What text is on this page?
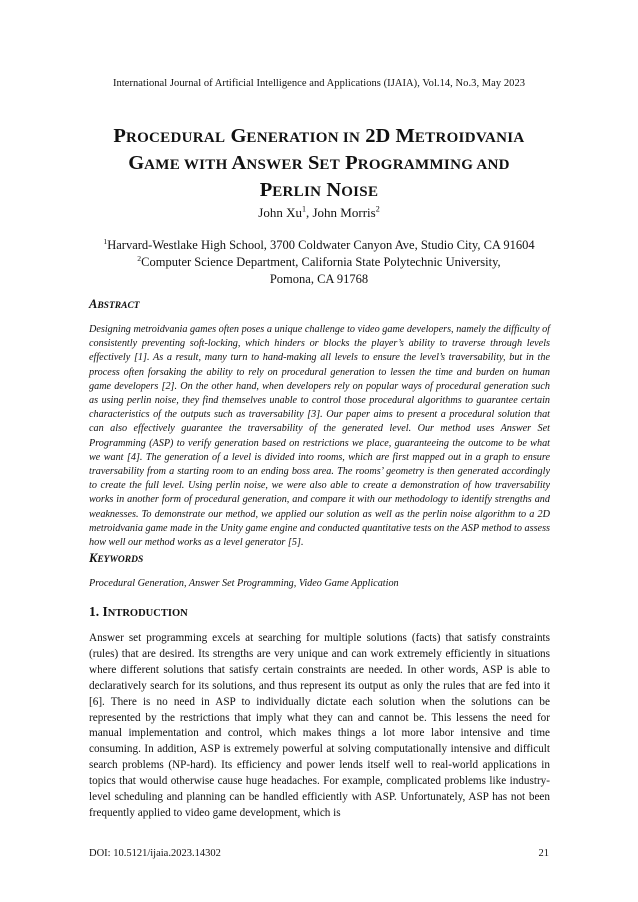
International Journal of Artificial Intelligence and Applications (IJAIA), Vol.14, No.3, May 2023
PROCEDURAL GENERATION IN 2D METROIDVANIA
GAME WITH ANSWER SET PROGRAMMING AND
PERLIN NOISE
John Xu$^1$, John Morris$^2$
$^1$Harvard-Westlake High School, 3700 Coldwater Canyon Ave, Studio City, CA 91604
$^2$Computer Science Department, California State Polytechnic University,
Pomona, CA 91768
ABSTRACT
Designing metroidvania games often poses a unique challenge to video game developers, namely the difficulty of consistently preventing soft-locking, which hinders or blocks the player’s ability to traverse through levels effectively [1]. As a result, many turn to hand-making all levels to ensure the level’s traversability, but in the process often forsaking the ability to rely on procedural generation to lessen the time and burden on human game developers [2]. On the other hand, when developers rely on popular ways of procedural generation such as using perlin noise, they find themselves unable to control those procedural algorithms to guarantee certain characteristics of the outputs such as traversability [3]. Our paper aims to present a procedural solution that can also effectively guarantee the traversability of the generated level. Our method uses Answer Set Programming (ASP) to verify generation based on restrictions we place, guaranteeing the outcome to be what we want [4]. The generation of a level is divided into rooms, which are first mapped out in a graph to ensure traversability from a starting room to an ending boss area. The rooms’ geometry is then generated accordingly to create the full level. Using perlin noise, we were also able to create a demonstration of how traversability works in another form of procedural generation, and compare it with our methodology to identify strengths and weaknesses. To demonstrate our method, we applied our solution as well as the perlin noise algorithm to a 2D metroidvania game made in the Unity game engine and conducted quantitative tests on the ASP method to assess how well our method works as a level generator [5].
KEYWORDS
Procedural Generation, Answer Set Programming, Video Game Application
1. INTRODUCTION
Answer set programming excels at searching for multiple solutions (facts) that satisfy constraints (rules) that are desired. Its strengths are very unique and can work extremely efficiently in situations where different solutions that satisfy certain constraints are needed. In other words, ASP is able to declaratively search for its solutions, and thus represent its output as only the rules that are fed into it [6]. There is no need in ASP to individually dictate each solution when the solutions can be represented by the restrictions that imply what they can and cannot be. This lessens the need for manual implementation and control, which makes things a lot more labor intensive and time consuming. In addition, ASP is extremely powerful at solving computationally intensive and difficult search problems (NP-hard). Its efficiency and power lends itself well to real-world applications in topics that would otherwise cause huge headaches. For example, complicated problems like industry-level scheduling and planning can be handled efficiently with ASP. Unfortunately, ASP has not been frequently applied to video game development, which is
DOI: 10.5121/ijaia.2023.14302	21
